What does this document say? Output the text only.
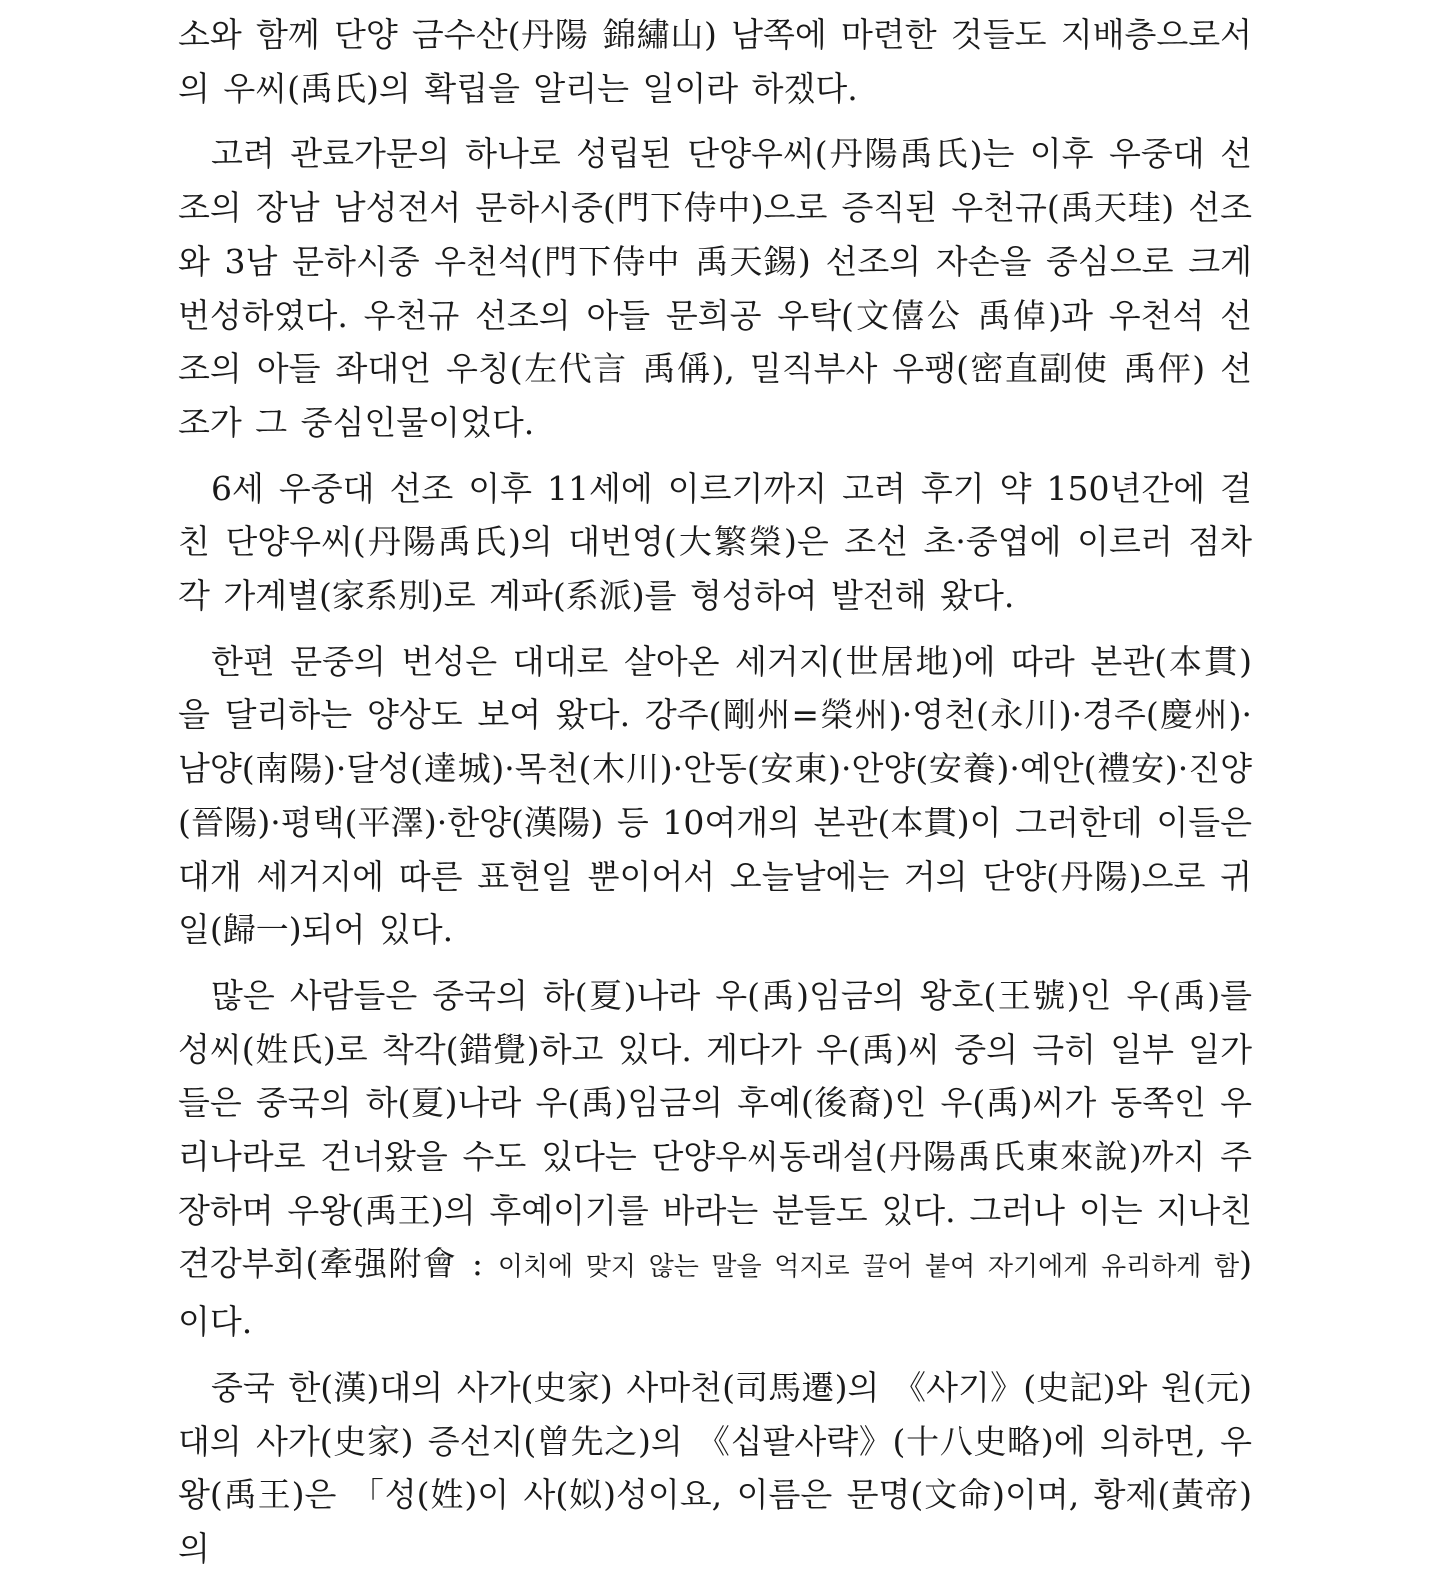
소와 함께 단양 금수산(丹陽 錦繡山) 남쪽에 마련한 것들도 지배층으로서의 우씨(禹氏)의 확립을 알리는 일이라 하겠다.

고려 관료가문의 하나로 성립된 단양우씨(丹陽禹氏)는 이후 우중대 선조의 장남 남성전서 문하시중(門下侍中)으로 증직된 우천규(禹天珪) 선조와 3남 문하시중 우천석(門下侍中 禹天錫) 선조의 자손을 중심으로 크게 번성하였다. 우천규 선조의 아들 문희공 우탁(文僖公 禹倬)과 우천석 선조의 아들 좌대언 우칭(左代言 禹偁), 밀직부사 우팽(密直副使 禹伻) 선조가 그 중심인물이었다.

6세 우중대 선조 이후 11세에 이르기까지 고려 후기 약 150년간에 걸친 단양우씨(丹陽禹氏)의 대번영(大繁榮)은 조선 초·중엽에 이르러 점차 각 가계별(家系別)로 계파(系派)를 형성하여 발전해 왔다.

한편 문중의 번성은 대대로 살아온 세거지(世居地)에 따라 본관(本貫)을 달리하는 양상도 보여 왔다. 강주(剛州=榮州)·영천(永川)·경주(慶州)·남양(南陽)·달성(達城)·목천(木川)·안동(安東)·안양(安養)·예안(禮安)·진양(晉陽)·평택(平澤)·한양(漢陽) 등 10여개의 본관(本貫)이 그러한데 이들은 대개 세거지에 따른 표현일 뿐이어서 오늘날에는 거의 단양(丹陽)으로 귀일(歸一)되어 있다.

많은 사람들은 중국의 하(夏)나라 우(禹)임금의 왕호(王號)인 우(禹)를 성씨(姓氏)로 착각(錯覺)하고 있다. 게다가 우(禹)씨 중의 극히 일부 일가들은 중국의 하(夏)나라 우(禹)임금의 후예(後裔)인 우(禹)씨가 동쪽인 우리나라로 건너왔을 수도 있다는 단양우씨동래설(丹陽禹氏東來說)까지 주장하며 우왕(禹王)의 후예이기를 바라는 분들도 있다. 그러나 이는 지나친 견강부회(牽强附會 : 이치에 맞지 않는 말을 억지로 끌어 붙여 자기에게 유리하게 함)이다.

중국 한(漢)대의 사가(史家) 사마천(司馬遷)의 《사기》(史記)와 원(元)대의 사가(史家) 증선지(曾先之)의 《십팔사략》(十八史略)에 의하면, 우왕(禹王)은 「성(姓)이 사(姒)성이요, 이름은 문명(文命)이며, 황제(黃帝)의
